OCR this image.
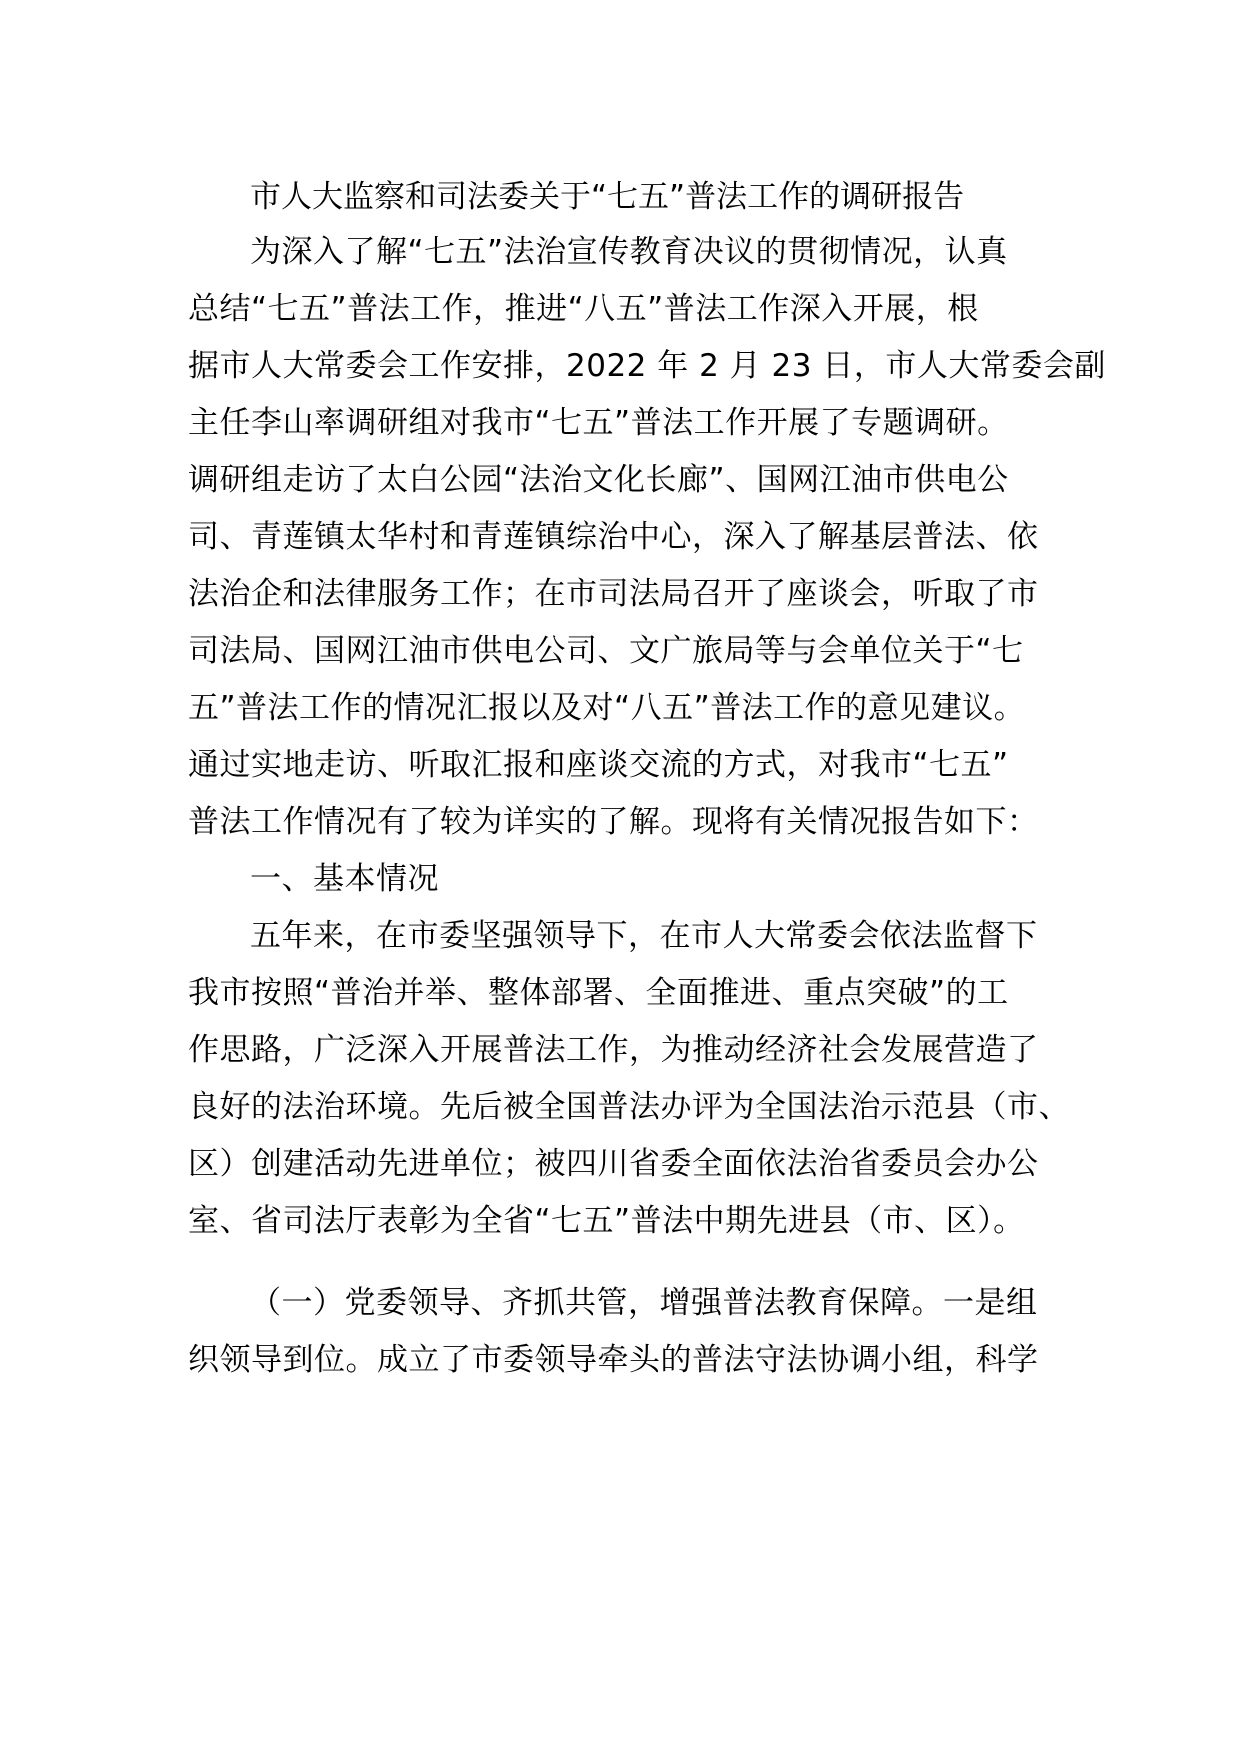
市人大监察和司法委关于“七五”普法工作的调研报告
为深入了解“七五”法治宣传教育决议的贯彻情况，认真
总结“七五”普法工作，推进“八五”普法工作深入开展，根
据市人大常委会工作安排，2022 年 2 月 23 日，市人大常委会副
主任李山率调研组对我市“七五”普法工作开展了专题调研。
调研组走访了太白公园“法治文化长廊”、国网江油市供电公
司、青莲镇太华村和青莲镇综治中心，深入了解基层普法、依
法治企和法律服务工作；在市司法局召开了座谈会，听取了市
司法局、国网江油市供电公司、文广旅局等与会单位关于“七
五”普法工作的情况汇报以及对“八五”普法工作的意见建议。
通过实地走访、听取汇报和座谈交流的方式，对我市“七五”
普法工作情况有了较为详实的了解。现将有关情况报告如下：
一、基本情况
五年来，在市委坚强领导下，在市人大常委会依法监督下
我市按照“普治并举、整体部署、全面推进、重点突破”的工
作思路，广泛深入开展普法工作，为推动经济社会发展营造了
良好的法治环境。先后被全国普法办评为全国法治示范县（市、
区）创建活动先进单位；被四川省委全面依法治省委员会办公
室、省司法厅表彰为全省“七五”普法中期先进县（市、区）。
（一）党委领导、齐抓共管，增强普法教育保障。一是组
织领导到位。成立了市委领导牵头的普法守法协调小组，科学
